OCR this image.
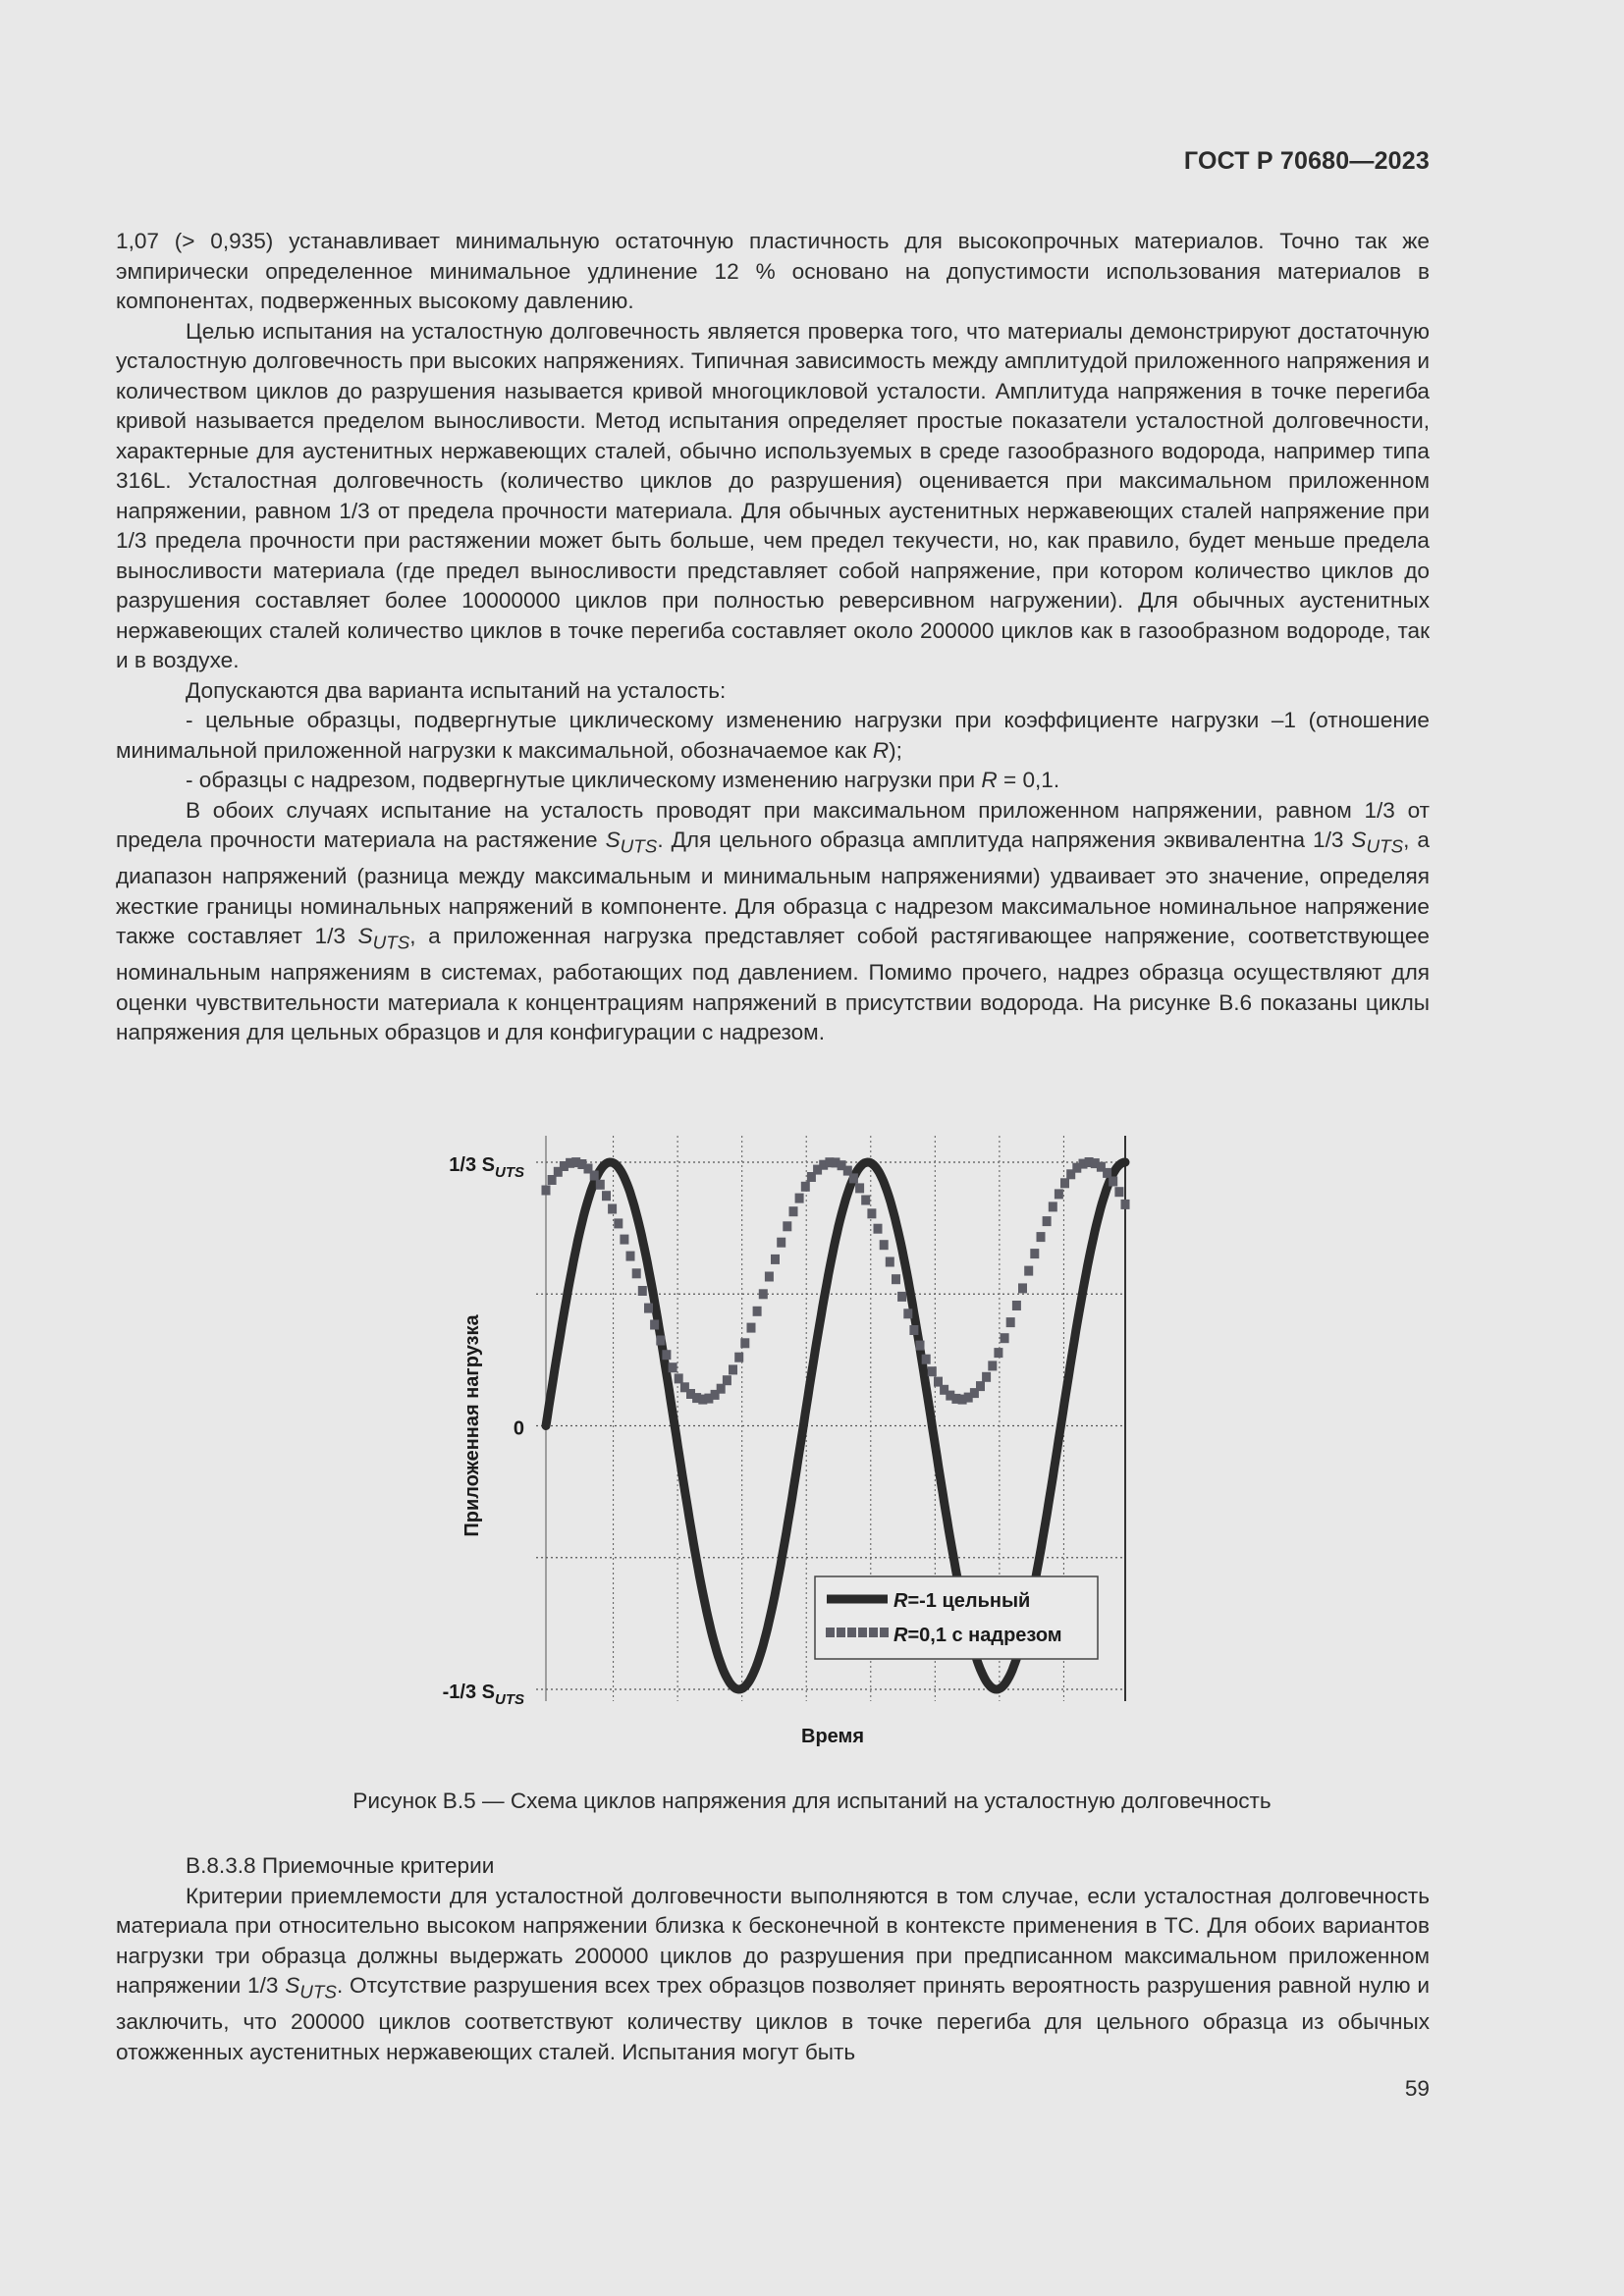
ГОСТ Р 70680—2023

1,07 (> 0,935) устанавливает минимальную остаточную пластичность для высокопрочных материалов. Точно так же эмпирически определенное минимальное удлинение 12 % основано на допустимости использования материалов в компонентах, подверженных высокому давлению.

Целью испытания на усталостную долговечность является проверка того, что материалы демонстрируют достаточную усталостную долговечность при высоких напряжениях. Типичная зависимость между амплитудой приложенного напряжения и количеством циклов до разрушения называется кривой многоцикловой усталости. Амплитуда напряжения в точке перегиба кривой называется пределом выносливости. Метод испытания определяет простые показатели усталостной долговечности, характерные для аустенитных нержавеющих сталей, обычно используемых в среде газообразного водорода, например типа 316L. Усталостная долговечность (количество циклов до разрушения) оценивается при максимальном приложенном напряжении, равном 1/3 от предела прочности материала. Для обычных аустенитных нержавеющих сталей напряжение при 1/3 предела прочности при растяжении может быть больше, чем предел текучести, но, как правило, будет меньше предела выносливости материала (где предел выносливости представляет собой напряжение, при котором количество циклов до разрушения составляет более 10000000 циклов при полностью реверсивном нагружении). Для обычных аустенитных нержавеющих сталей количество циклов в точке перегиба составляет около 200000 циклов как в газообразном водороде, так и в воздухе.

Допускаются два варианта испытаний на усталость:

- цельные образцы, подвергнутые циклическому изменению нагрузки при коэффициенте нагрузки –1 (отношение минимальной приложенной нагрузки к максимальной, обозначаемое как R);

- образцы с надрезом, подвергнутые циклическому изменению нагрузки при R = 0,1.

В обоих случаях испытание на усталость проводят при максимальном приложенном напряжении, равном 1/3 от предела прочности материала на растяжение $S_{UTS}$. Для цельного образца амплитуда напряжения эквивалентна 1/3 $S_{UTS}$, а диапазон напряжений (разница между максимальным и минимальным напряжениями) удваивает это значение, определяя жесткие границы номинальных напряжений в компоненте. Для образца с надрезом максимальное номинальное напряжение также составляет 1/3 $S_{UTS}$, а приложенная нагрузка представляет собой растягивающее напряжение, соответствующее номинальным напряжениям в системах, работающих под давлением. Помимо прочего, надрез образца осуществляют для оценки чувствительности материала к концентрациям напряжений в присутствии водорода. На рисунке В.6 показаны циклы напряжения для цельных образцов и для конфигурации с надрезом.

1/3 $S_{UTS}$
0
-1/3 $S_{UTS}$
Приложенная нагрузка
Время
R=-1 цельный
R=0,1 с надрезом
Рисунок В.5 — Схема циклов напряжения для испытаний на усталостную долговечность

В.8.3.8 Приемочные критерии

Критерии приемлемости для усталостной долговечности выполняются в том случае, если усталостная долговечность материала при относительно высоком напряжении близка к бесконечной в контексте применения в ТС. Для обоих вариантов нагрузки три образца должны выдержать 200000 циклов до разрушения при предписанном максимальном приложенном напряжении 1/3 $S_{UTS}$. Отсутствие разрушения всех трех образцов позволяет принять вероятность разрушения равной нулю и заключить, что 200000 циклов соответствуют количеству циклов в точке перегиба для цельного образца из обычных отожженных аустенитных нержавеющих сталей. Испытания могут быть

59
